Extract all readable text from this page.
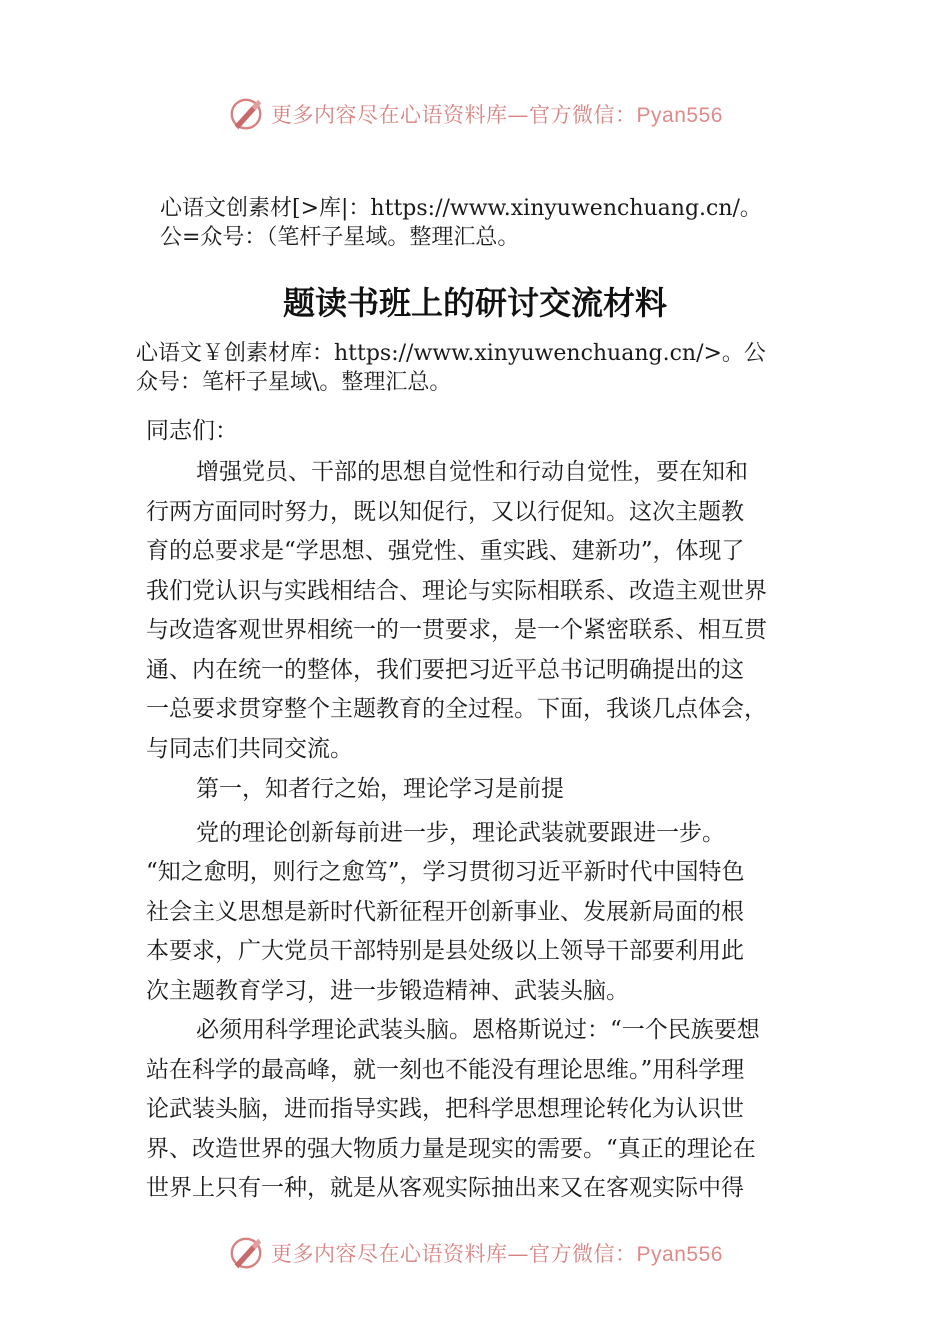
更多内容尽在心语资料库—官方微信：Pyan556
心语文创素材[>库|：https://www.xinyuwenchuang.cn/。
公=众号：（笔杆子星域。整理汇总。
题读书班上的研讨交流材料
心语文￥创素材库：https://www.xinyuwenchuang.cn/>。公
众号：笔杆子星域\。整理汇总。
同志们：
增强党员、干部的思想自觉性和行动自觉性，要在知和
行两方面同时努力，既以知促行，又以行促知。这次主题教
育的总要求是“学思想、强党性、重实践、建新功”，体现了
我们党认识与实践相结合、理论与实际相联系、改造主观世界
与改造客观世界相统一的一贯要求，是一个紧密联系、相互贯
通、内在统一的整体，我们要把习近平总书记明确提出的这
一总要求贯穿整个主题教育的全过程。下面，我谈几点体会，
与同志们共同交流。
第一，知者行之始，理论学习是前提
党的理论创新每前进一步，理论武装就要跟进一步。
“知之愈明，则行之愈笃”，学习贯彻习近平新时代中国特色
社会主义思想是新时代新征程开创新事业、发展新局面的根
本要求，广大党员干部特别是县处级以上领导干部要利用此
次主题教育学习，进一步锻造精神、武装头脑。
必须用科学理论武装头脑。恩格斯说过：“一个民族要想
站在科学的最高峰，就一刻也不能没有理论思维。”用科学理
论武装头脑，进而指导实践，把科学思想理论转化为认识世
界、改造世界的强大物质力量是现实的需要。“真正的理论在
世界上只有一种，就是从客观实际抽出来又在客观实际中得
更多内容尽在心语资料库—官方微信：Pyan556
